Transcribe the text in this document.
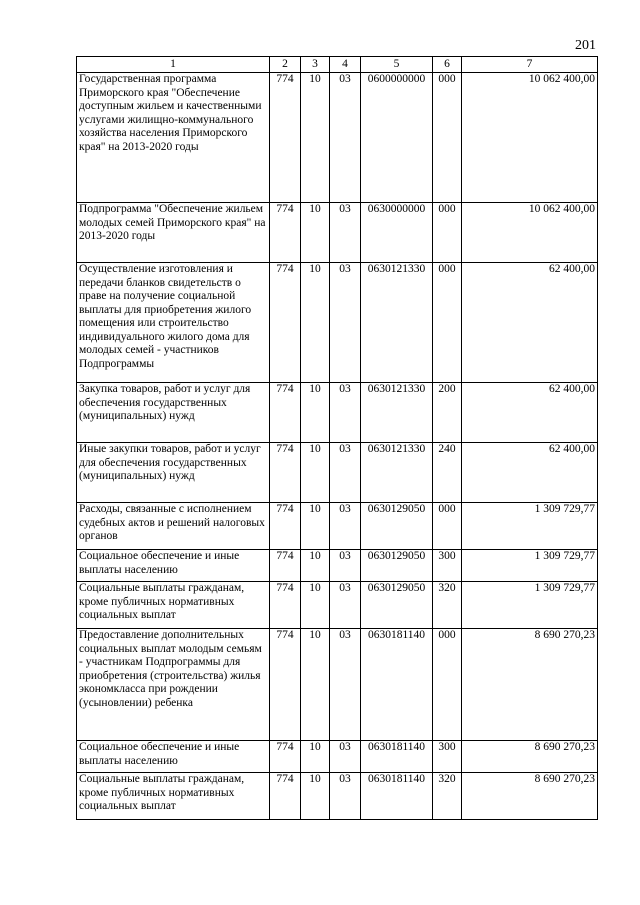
201
1	2	3	4	5	6	7
Государственная программа Приморского края "Обеспечение доступным жильем и качественными услугами жилищно-коммунального хозяйства населения Приморского края" на 2013-2020 годы	774	10	03	0600000000	000	10 062 400,00
Подпрограмма "Обеспечение жильем молодых семей Приморского края" на 2013-2020 годы	774	10	03	0630000000	000	10 062 400,00
Осуществление изготовления и передачи бланков свидетельств о праве на получение социальной выплаты для приобретения жилого помещения или строительство индивидуального жилого дома для молодых семей - участников Подпрограммы	774	10	03	0630121330	000	62 400,00
Закупка товаров, работ и услуг для обеспечения государственных (муниципальных) нужд	774	10	03	0630121330	200	62 400,00
Иные закупки товаров, работ и услуг для обеспечения государственных (муниципальных) нужд	774	10	03	0630121330	240	62 400,00
Расходы, связанные с исполнением судебных актов и решений налоговых органов	774	10	03	0630129050	000	1 309 729,77
Социальное обеспечение и иные выплаты населению	774	10	03	0630129050	300	1 309 729,77
Социальные выплаты гражданам, кроме публичных нормативных социальных выплат	774	10	03	0630129050	320	1 309 729,77
Предоставление дополнительных социальных выплат молодым семьям - участникам Подпрограммы для приобретения (строительства) жилья экономкласса при рождении (усыновлении) ребенка	774	10	03	0630181140	000	8 690 270,23
Социальное обеспечение и иные выплаты населению	774	10	03	0630181140	300	8 690 270,23
Социальные выплаты гражданам, кроме публичных нормативных социальных выплат	774	10	03	0630181140	320	8 690 270,23
